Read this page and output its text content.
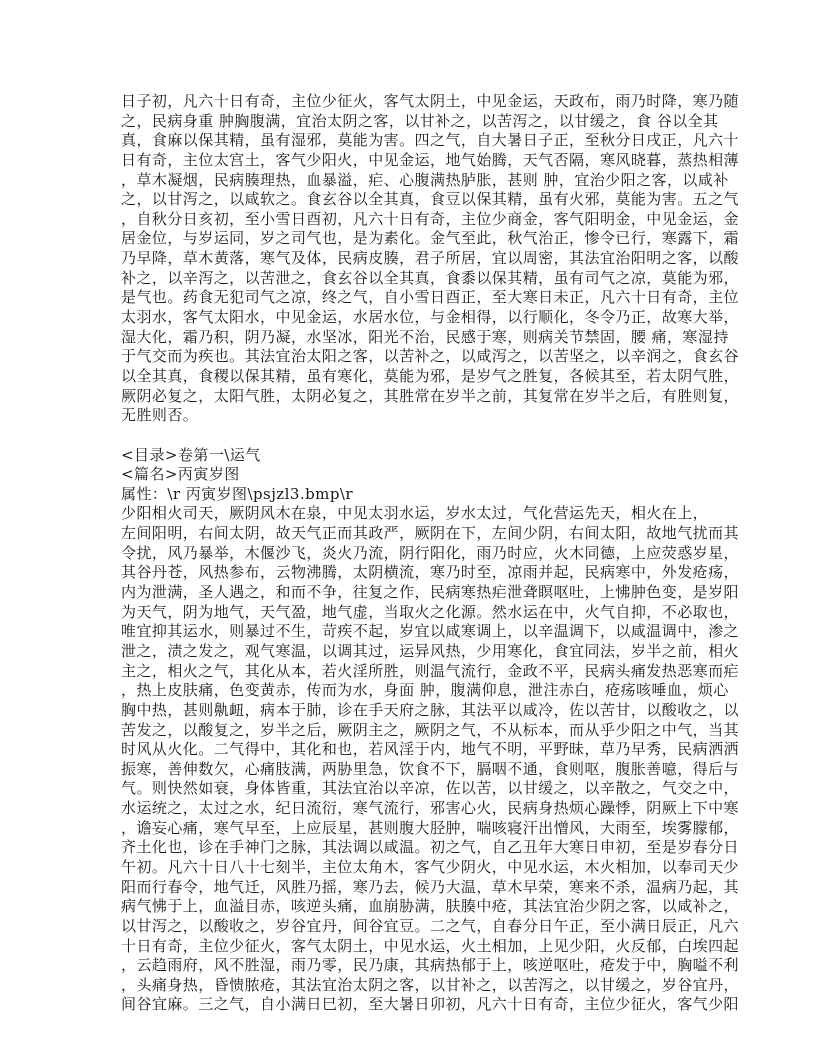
日子初，凡六十日有奇，主位少征火，客气太阴土，中见金运，天政布，雨乃时降，寒乃随
之，民病身重 肿胸腹满，宜治太阴之客，以甘补之，以苦泻之，以甘缓之，食 谷以全其
真，食麻以保其精，虽有湿邪，莫能为害。四之气，自大暑日子正，至秋分日戌正，凡六十
日有奇，主位太宫土，客气少阳火，中见金运，地气始腾，天气否隔，寒风晓暮，蒸热相薄
，草木凝烟，民病腠理热，血暴溢，疟、心腹满热胪胀，甚则 肿，宜治少阳之客，以咸补
之，以甘泻之，以咸软之。食玄谷以全其真，食豆以保其精，虽有火邪，莫能为害。五之气
，自秋分日亥初，至小雪日酉初，凡六十日有奇，主位少商金，客气阳明金，中见金运，金
居金位，与岁运同，岁之司气也，是为素化。金气至此，秋气治正，惨令已行，寒露下，霜
乃早降，草木黄落，寒气及体，民病皮腠，君子所居，宜以周密，其法宜治阳明之客，以酸
补之，以辛泻之，以苦泄之，食玄谷以全其真，食黍以保其精，虽有司气之凉，莫能为邪，
是气也。药食无犯司气之凉，终之气，自小雪日酉正，至大寒日未正，凡六十日有奇，主位
太羽水，客气太阳水，中见金运，水居水位，与金相得，以行顺化，冬令乃正，故寒大举，
湿大化，霜乃积，阴乃凝，水坚冰，阳光不治，民感于寒，则病关节禁固，腰 痛，寒湿持
于气交而为疾也。其法宜治太阳之客，以苦补之，以咸泻之，以苦坚之，以辛润之，食玄谷
以全其真，食稷以保其精，虽有寒化，莫能为邪，是岁气之胜复，各候其至，若太阴气胜，
厥阴必复之，太阳气胜，太阴必复之，其胜常在岁半之前，其复常在岁半之后，有胜则复，
无胜则否。
<目录>卷第一\运气
<篇名>丙寅岁图
属性：\r 丙寅岁图\psjzl3.bmp\r
少阳相火司天，厥阴风木在泉，中见太羽水运，岁水太过，气化营运先天，相火在上，
左间阳明，右间太阴，故天气正而其政严，厥阴在下，左间少阴，右间太阳，故地气扰而其
令扰，风乃暴举，木偃沙飞，炎火乃流，阴行阳化，雨乃时应，火木同德，上应荧惑岁星，
其谷丹苍，风热参布，云物沸腾，太阴横流，寒乃时至，凉雨并起，民病寒中，外发疮疡，
内为泄满，圣人遇之，和而不争，往复之作，民病寒热疟泄聋瞑呕吐，上怫肿色变，是岁阳
为天气，阴为地气，天气盈，地气虚，当取火之化源。然水运在中，火气自抑，不必取也，
唯宜抑其运水，则暴过不生，苛疾不起，岁宜以咸寒调上，以辛温调下，以咸温调中，渗之
泄之，渍之发之，观气寒温，以调其过，运异风热，少用寒化，食宜同法，岁半之前，相火
主之，相火之气，其化从本，若火淫所胜，则温气流行，金政不平，民病头痛发热恶寒而疟
，热上皮肤痛，色变黄赤，传而为水，身面 肿，腹满仰息，泄注赤白，疮疡咳唾血，烦心
胸中热，甚则鼽衄，病本于肺，诊在手天府之脉，其法平以咸冷，佐以苦甘，以酸收之，以
苦发之，以酸复之，岁半之后，厥阴主之，厥阴之气，不从标本，而从乎少阳之中气，当其
时风从火化。二气得中，其化和也，若风淫于内，地气不明，平野昧，草乃早秀，民病洒洒
振寒，善伸数欠，心痛肢满，两胁里急，饮食不下，膈咽不通，食则呕，腹胀善噫，得后与
气。则快然如衰，身体皆重，其法宜治以辛凉，佐以苦，以甘缓之，以辛散之，气交之中，
水运统之，太过之水，纪日流衍，寒气流行，邪害心火，民病身热烦心躁悸，阴厥上下中寒
，谵妄心痛，寒气早至，上应辰星，甚则腹大胫肿，喘咳寝汗出憎风，大雨至，埃雾朦郁，
齐土化也，诊在手神门之脉，其法调以咸温。初之气，自乙丑年大寒日申初，至是岁春分日
午初。凡六十日八十七刻半，主位太角木，客气少阴火，中见水运，木火相加，以奉司天少
阳而行春令，地气迁，风胜乃摇，寒乃去，候乃大温，草木早荣，寒来不杀，温病乃起，其
病气怫于上，血溢目赤，咳逆头痛，血崩胁满，肤腠中疮，其法宜治少阴之客，以咸补之，
以甘泻之，以酸收之，岁谷宜丹，间谷宜豆。二之气，自春分日午正，至小满日辰正，凡六
十日有奇，主位少征火，客气太阴土，中见水运，火土相加，上见少阳，火反郁，白埃四起
，云趋雨府，风不胜湿，雨乃零，民乃康，其病热郁于上，咳逆呕吐，疮发于中，胸嗌不利
，头痛身热，昏愦脓疮，其法宜治太阴之客，以甘补之，以苦泻之，以甘缓之，岁谷宜丹，
间谷宜麻。三之气，自小满日巳初，至大暑日卯初，凡六十日有奇，主位少征火，客气少阳
